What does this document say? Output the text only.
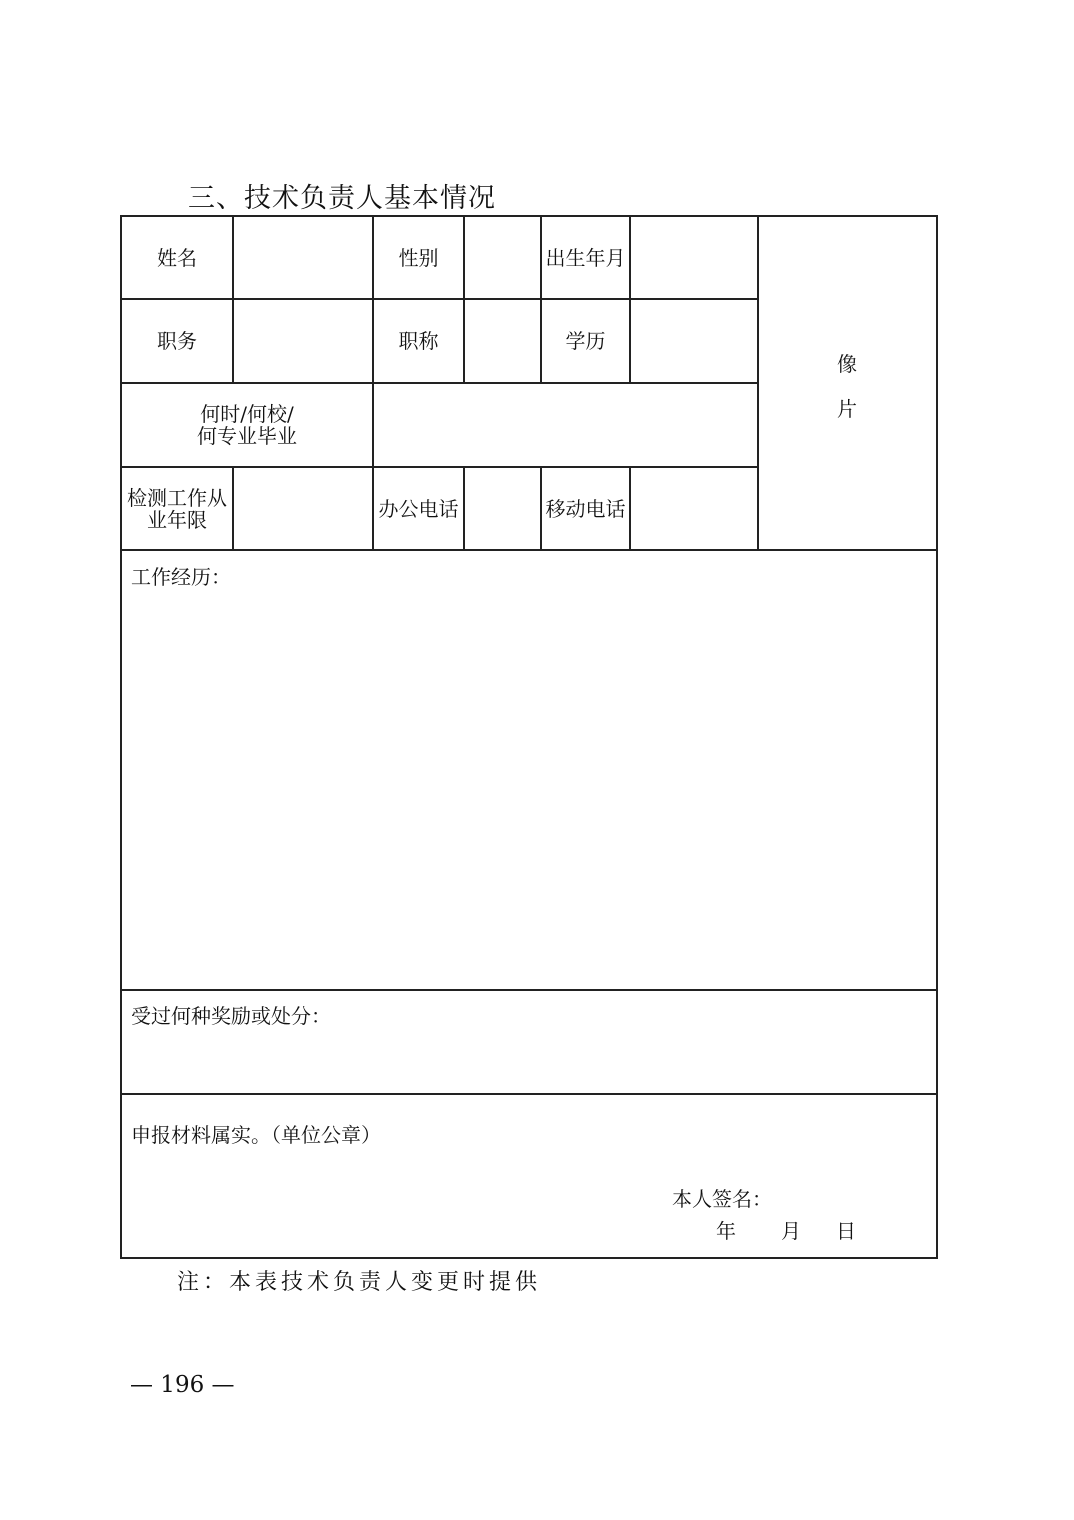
三、技术负责人基本情况
姓名	性别	出生年月
职务	职称	学历
何时/何校/
何专业毕业
检测工作从
业年限	办公电话	移动电话
像
片
工作经历：
受过何种奖励或处分：
申报材料属实。（单位公章）
本人签名：
年 月 日
注：本表技术负责人变更时提供
— 196 —
